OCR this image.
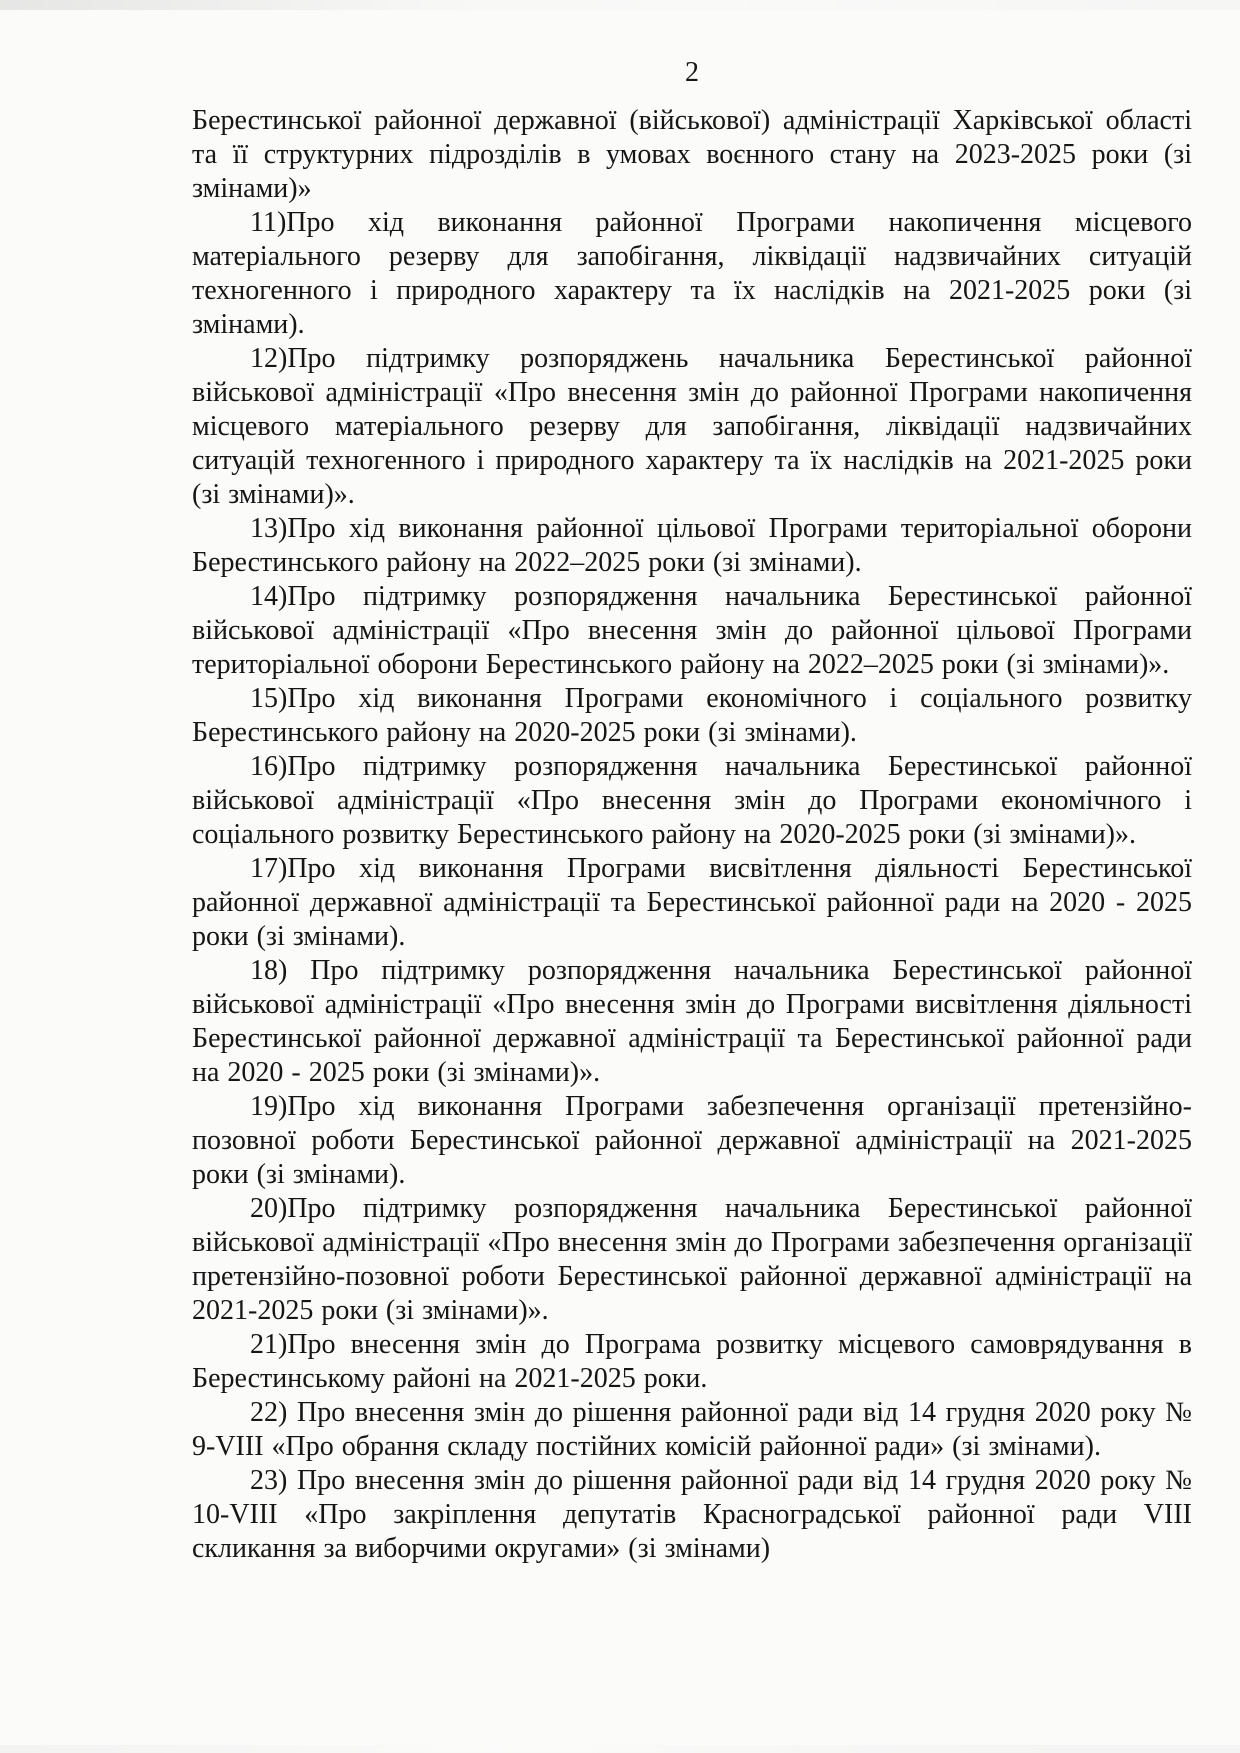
2

Берестинської районної державної (військової) адміністрації Харківської області та її структурних підрозділів в умовах воєнного стану на 2023-2025 роки (зі змінами)»

11)Про хід виконання районної Програми накопичення місцевого матеріального резерву для запобігання, ліквідації надзвичайних ситуацій техногенного і природного характеру та їх наслідків на 2021-2025 роки (зі змінами).

12)Про підтримку розпоряджень начальника Берестинської районної військової адміністрації «Про внесення змін до районної Програми накопичення місцевого матеріального резерву для запобігання, ліквідації надзвичайних ситуацій техногенного і природного характеру та їх наслідків на 2021-2025 роки (зі змінами)».

13)Про хід виконання районної цільової Програми територіальної оборони Берестинського району на 2022–2025 роки (зі змінами).

14)Про підтримку розпорядження начальника Берестинської районної військової адміністрації «Про внесення змін до районної цільової Програми територіальної оборони Берестинського району на 2022–2025 роки (зі змінами)».

15)Про хід виконання Програми економічного і соціального розвитку Берестинського району на 2020-2025 роки (зі змінами).

16)Про підтримку розпорядження начальника Берестинської районної військової адміністрації «Про внесення змін до Програми економічного і соціального розвитку Берестинського району на 2020-2025 роки (зі змінами)».

17)Про хід виконання Програми висвітлення діяльності Берестинської районної державної адміністрації та Берестинської районної ради на 2020 - 2025 роки (зі змінами).

18) Про підтримку розпорядження начальника Берестинської районної військової адміністрації «Про внесення змін до Програми висвітлення діяльності Берестинської районної державної адміністрації та Берестинської районної ради на 2020 - 2025 роки (зі змінами)».

19)Про хід виконання Програми забезпечення організації претензійно-позовної роботи Берестинської районної державної адміністрації на 2021-2025 роки (зі змінами).

20)Про підтримку розпорядження начальника Берестинської районної військової адміністрації «Про внесення змін до Програми забезпечення організації претензійно-позовної роботи Берестинської районної державної адміністрації на 2021-2025 роки (зі змінами)».

21)Про внесення змін до Програма розвитку місцевого самоврядування в Берестинському районі на 2021-2025 роки.

22) Про внесення змін до рішення районної ради від 14 грудня 2020 року № 9-VIII «Про обрання складу постійних комісій районної ради» (зі змінами).

23) Про внесення змін до рішення районної ради від 14 грудня 2020 року № 10-VIII «Про закріплення депутатів Красноградської районної ради VIII скликання за виборчими округами» (зі змінами)
